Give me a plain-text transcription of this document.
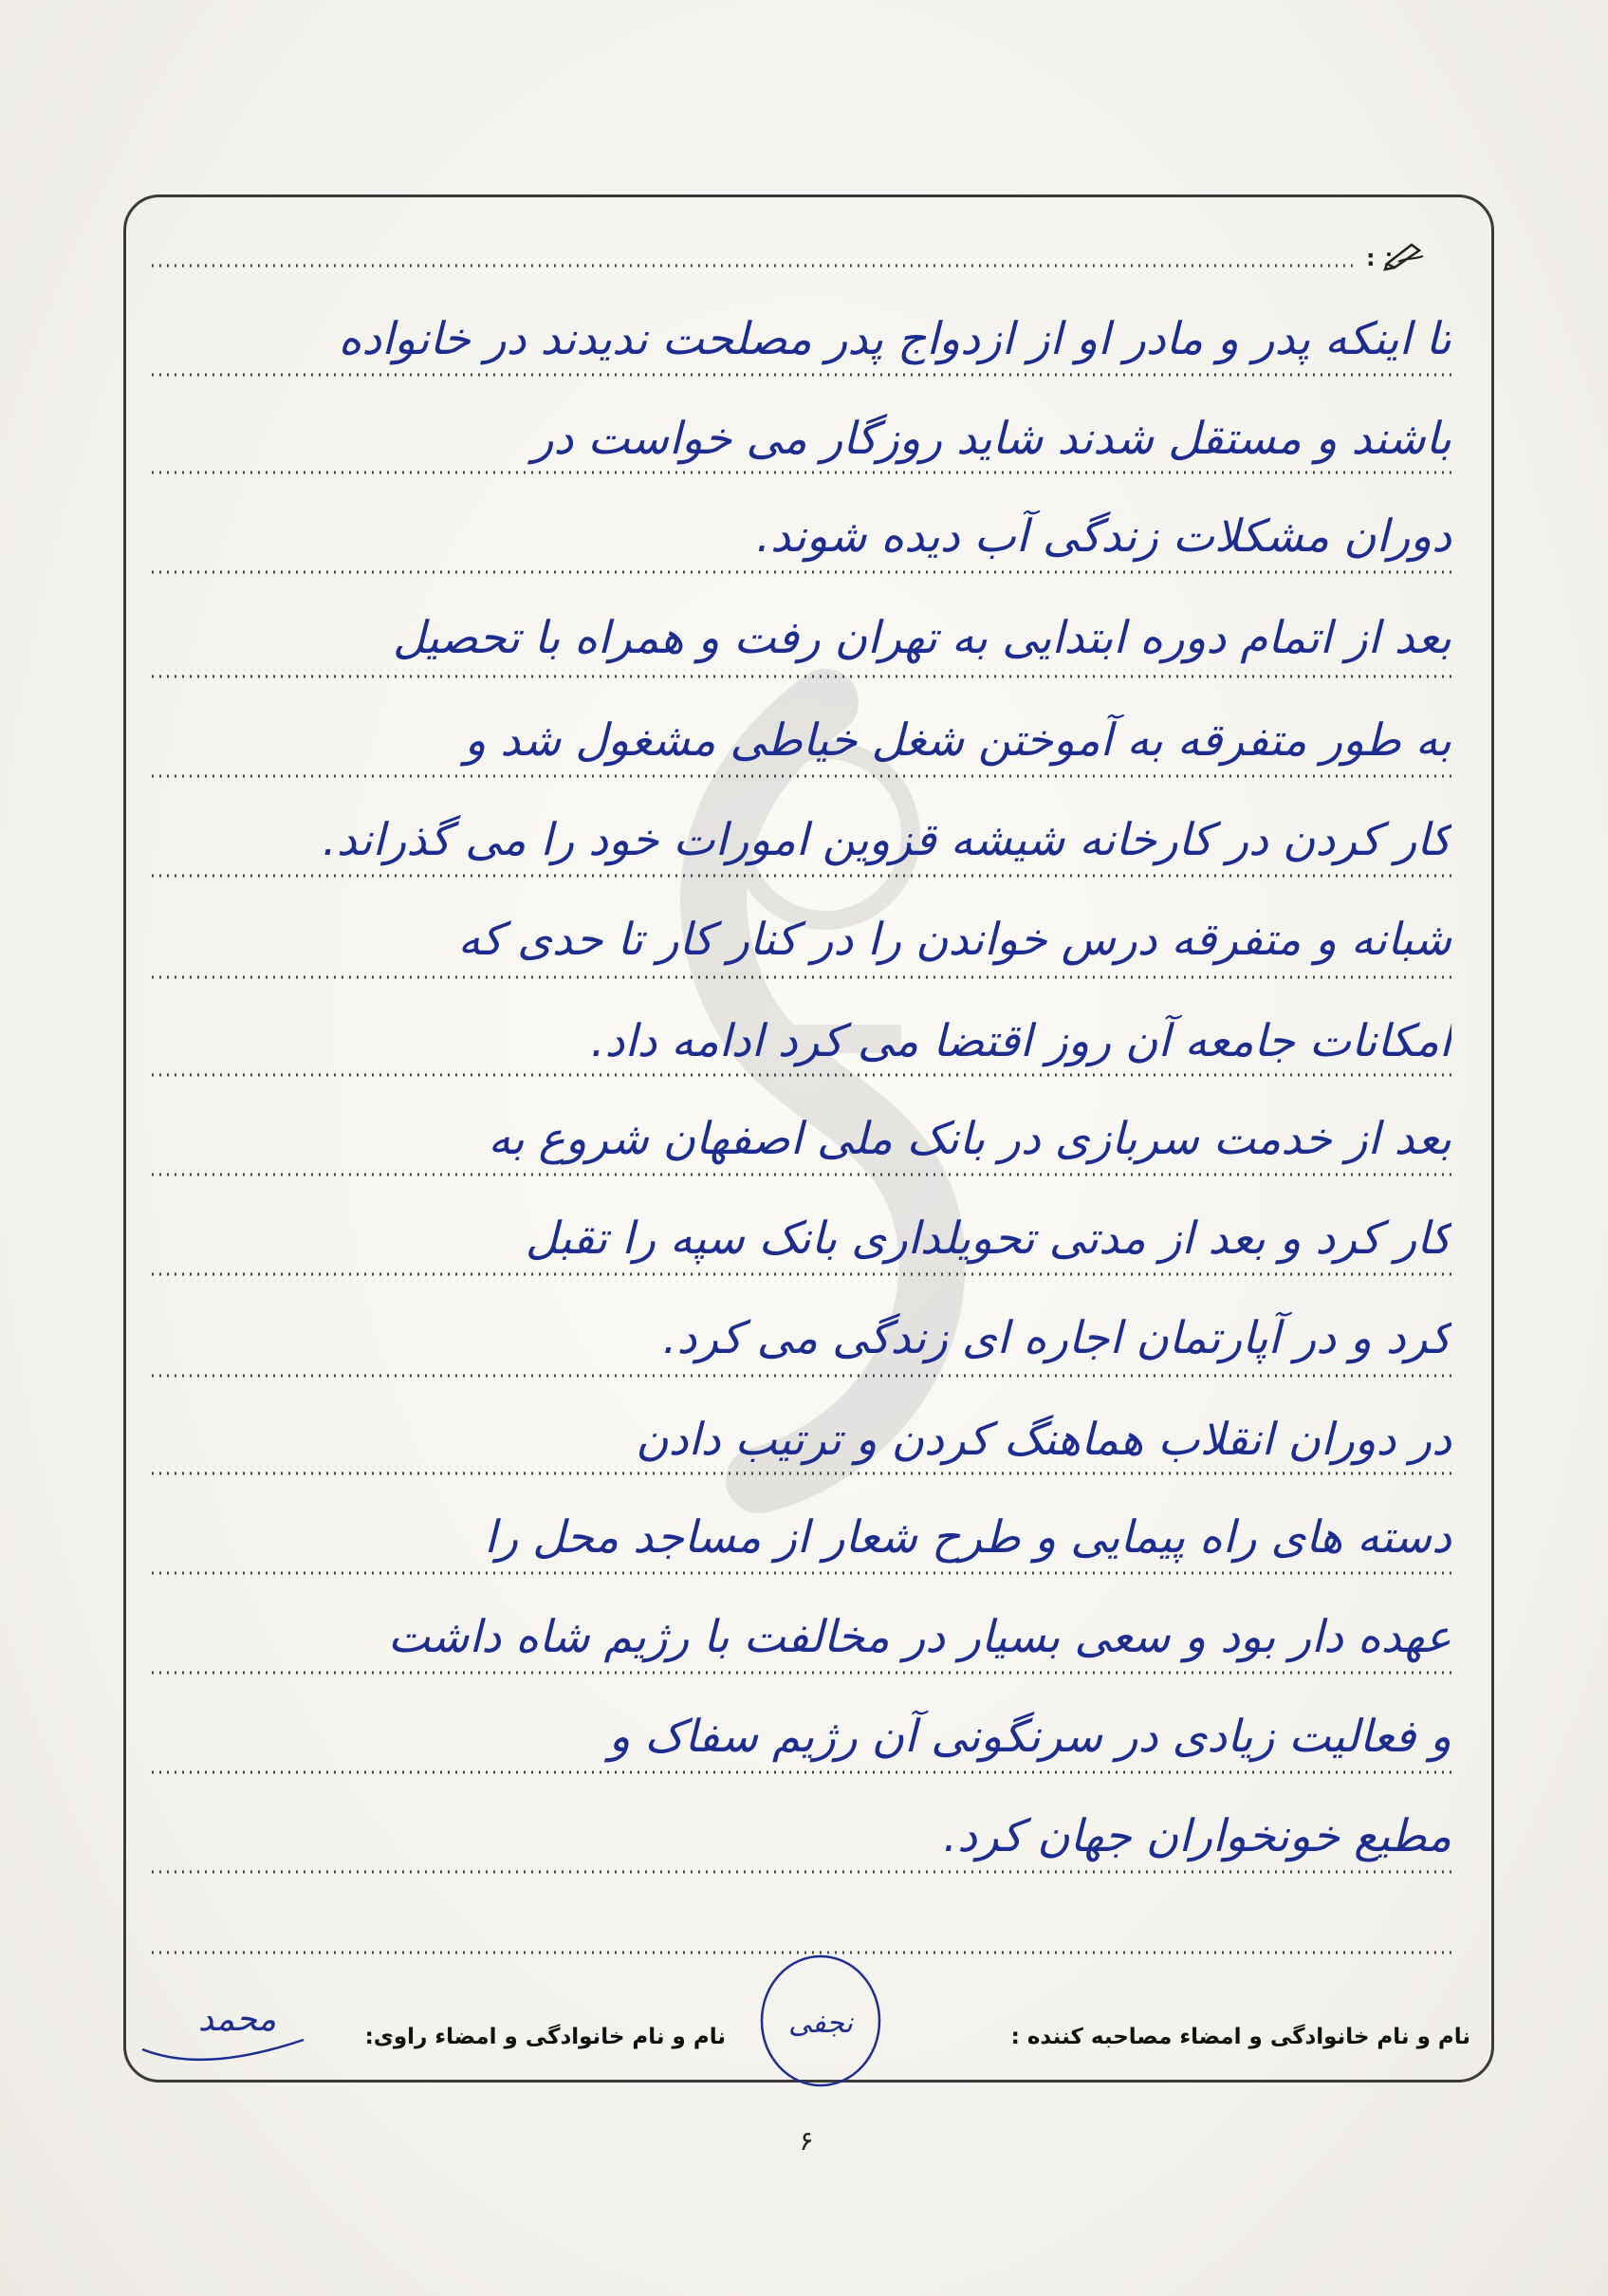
:
تا اینکه پدر و مادر او از ازدواج پدر مصلحت ندیدند در خانواده
باشند و مستقل شدند شاید روزگار می خواست در
دوران مشکلات زندگی آب دیده شوند.
بعد از اتمام دوره ابتدایی به تهران رفت و همراه با تحصیل
به طور متفرقه به آموختن شغل خیاطی مشغول شد و
کار کردن در کارخانه شیشه قزوین امورات خود را می گذراند.
شبانه و متفرقه درس خواندن را در کنار کار تا حدی که
امکانات جامعه آن روز اقتضا می کرد ادامه داد.
بعد از خدمت سربازی در بانک ملی اصفهان شروع به
کار کرد و بعد از مدتی تحویلداری بانک سپه را تقبل
کرد و در آپارتمان اجاره ای زندگی می کرد.
در دوران انقلاب هماهنگ کردن و ترتیب دادن
دسته های راه پیمایی و طرح شعار از مساجد محل را
عهده دار بود و سعی بسیار در مخالفت با رژیم شاه داشت
و فعالیت زیادی در سرنگونی آن رژیم سفاک و
مطیع خونخواران جهان کرد.
نام و نام خانوادگی و امضاء مصاحبه کننده :
نام و نام خانوادگی و امضاء راوی: نجفی
محمد
۶
